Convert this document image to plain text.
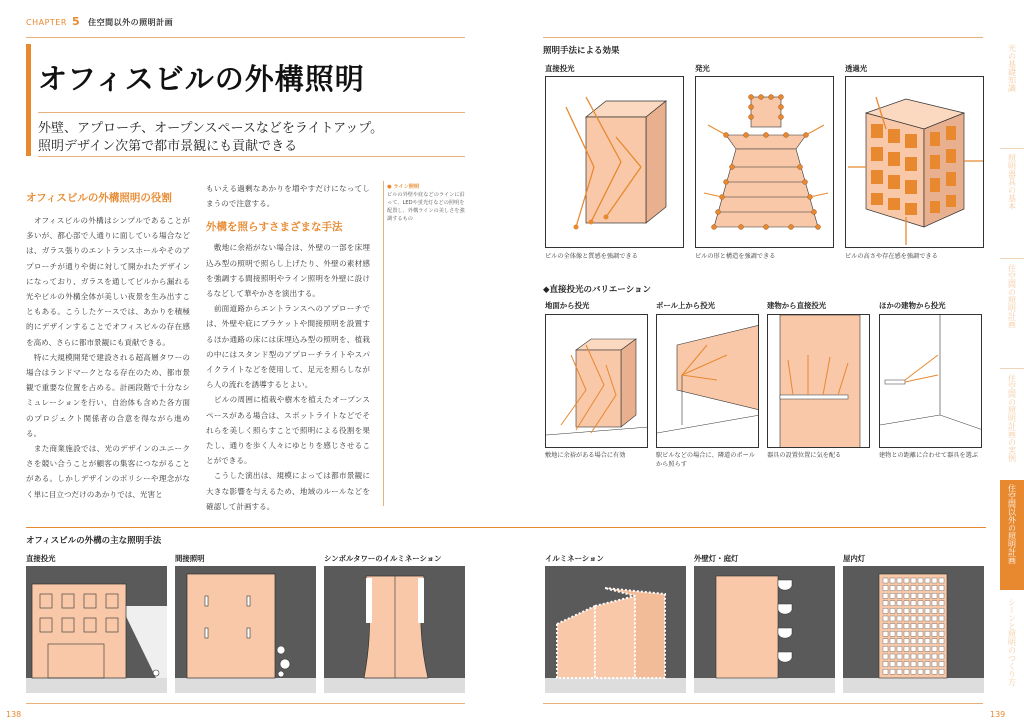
CHAPTER 5 住空間以外の照明計画
オフィスビルの外構照明
外壁、アプローチ、オープンスペースなどをライトアップ。
照明デザイン次第で都市景観にも貢献できる
オフィスビルの外構照明の役割
　オフィスビルの外構はシンプルであることが多いが、都心部で人通りに面している場合などは、ガラス張りのエントランスホールやそのアプローチが通りや街に対して開かれたデザインになっており、ガラスを通してビルから漏れる光やビルの外構全体が美しい夜景を生み出すこともある。こうしたケースでは、あかりを積極的にデザインすることでオフィスビルの存在感を高め、さらに都市景観にも貢献できる。
　特に大規模開発で建設される超高層タワーの場合はランドマークとなる存在のため、都市景観で重要な位置を占める。計画段階で十分なシミュレーションを行い、自治体も含めた各方面のプロジェクト関係者の合意を得ながら進める。
　また商業施設では、光のデザインのユニークさを競い合うことが顧客の集客につながることがある。しかしデザインのポリシーや理念がなく単に目立つだけのあかりでは、光害と
もいえる過剰なあかりを増やすだけになってしまうので注意する。
外構を照らすさまざまな手法
　敷地に余裕がない場合は、外壁の一部を床埋込み型の照明で照らし上げたり、外壁の素材感を強調する間接照明やライン照明を外壁に設けるなどして華やかさを演出する。
　前面道路からエントランスへのアプローチでは、外壁や庇にブラケットや間接照明を設置するほか通路の床には床埋込み型の照明を、植栽の中にはスタンド型のアプローチライトやスパイクライトなどを使用して、足元を照らしながら人の流れを誘導するとよい。
　ビルの周囲に植栽や樹木を植えたオープンスペースがある場合は、スポットライトなどでそれらを美しく照らすことで照明による役割を果たし、通りを歩く人々にゆとりを感じさせることができる。
　こうした演出は、規模によっては都市景観に大きな影響を与えるため、地域のルールなどを確認して計画する。
● ライン照明
ビルの外壁や庇などのラインに沿って、LEDや蛍光灯などの照明を配置し、外構ラインの美しさを強調するもの
オフィスビルの外構の主な照明手法
直接投光	間接照明	シンボルタワーのイルミネーション
照明手法による効果
直接投光
ビルの全体像と質感を強調できる
発光
ビルの形と構造を強調できる
透過光
ビルの高さや存在感を強調できる
◆直接投光のバリエーション
地面から投光
敷地に余裕がある場合に有効
ポール上から投光
駅ビルなどの場合に、隣道のポールから照らす
建物から直接投光
器具の設置位置に気を配る
ほかの建物から投光
建物との距離に合わせて器具を選ぶ
イルミネーション	外壁灯・庭灯	屋内灯
光の基礎知識
照明器具の基本
住空間の照明計画
住空間の照明計画の実例
住空間以外の照明計画
シーンと照明のつくり方
138	139
